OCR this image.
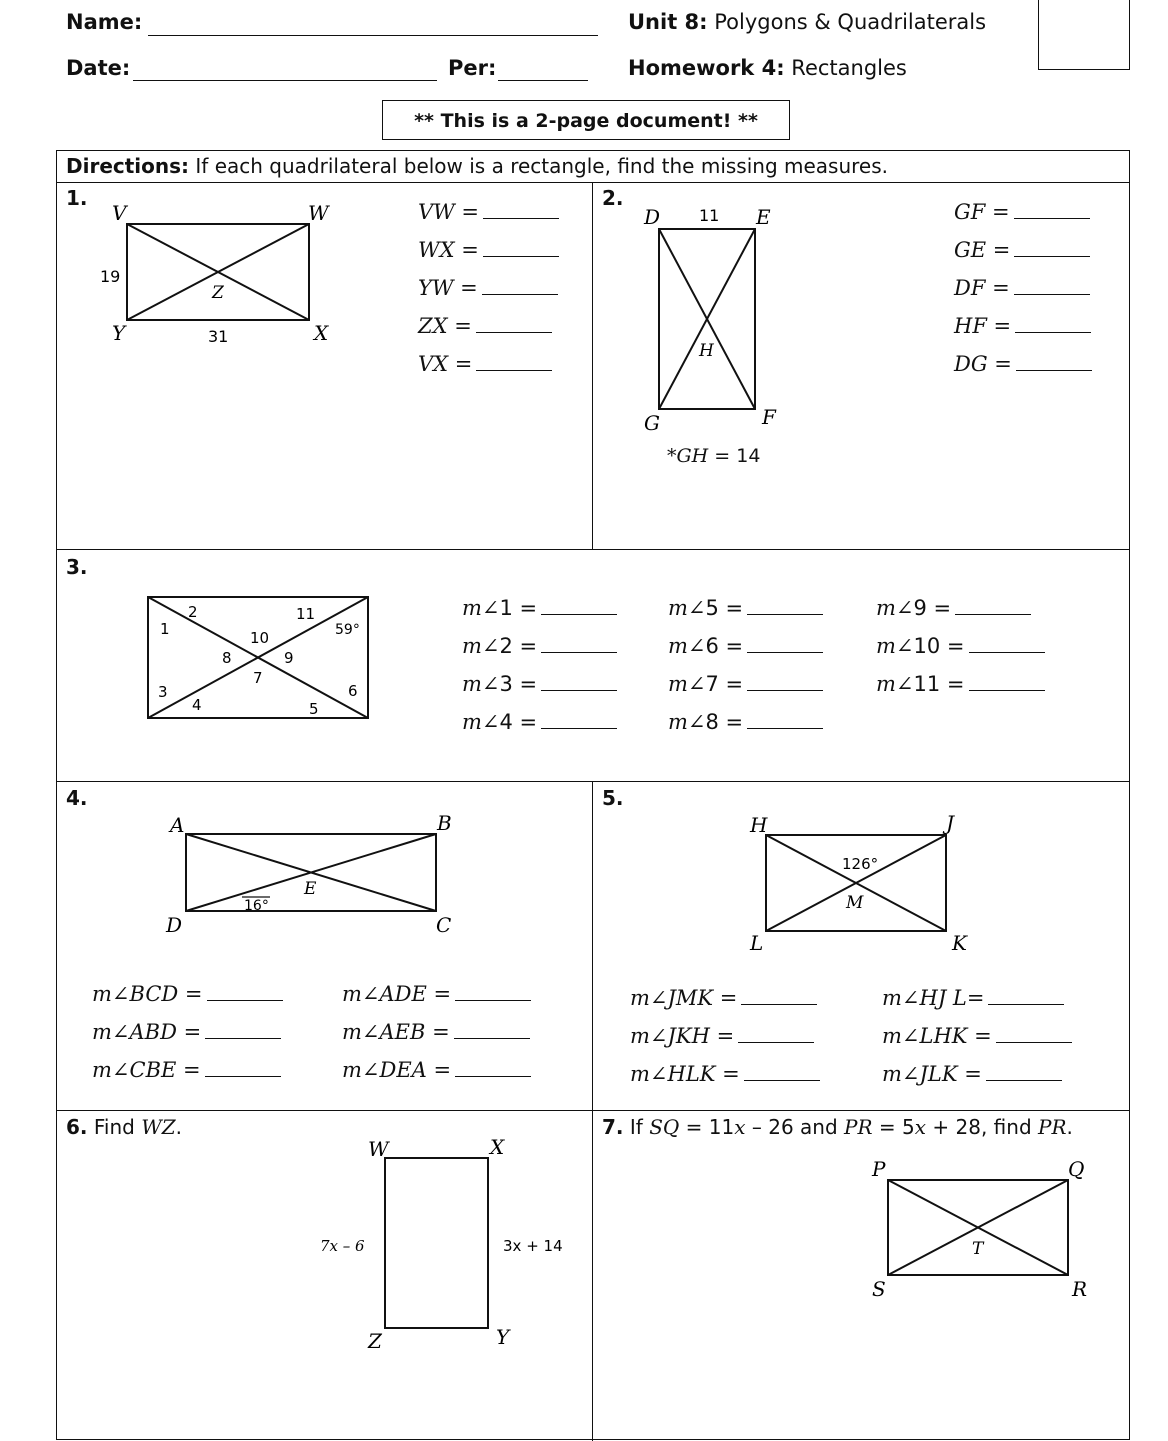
Name:
Date:	Per:
Unit 8: Polygons & Quadrilaterals
Homework 4: Rectangles
** This is a 2-page document! **
Directions: If each quadrilateral below is a rectangle, find the missing measures.
1.
V	W
X
Y
Z
19
31
VW =
WX =
YW =
ZX =
VX =
2.
D	E
F
G
H
11
*GH = 14
GF =
GE =
DF =
HF =
DG =
3.
1
2
3
4	5
6
7
8	9
10
11
59°
m∠1 =
m∠2 =
m∠3 =
m∠4 =
m∠5 =
m∠6 =
m∠7 =
m∠8 =
m∠9 =
m∠10 =
m∠11 =
4.
A	B
C
D
E
16°
m∠BCD =
m∠ABD =
m∠CBE =
m∠ADE =
m∠AEB =
m∠DEA =
5.
H	J
K
L
M
126°
m∠JMK =
m∠JKH =
m∠HLK =
m∠HJ L=
m∠LHK =
m∠JLK =
6. Find WZ.
W	X
Y
Z
7x – 6	3x + 14
7. If SQ = 11x – 26 and PR = 5x + 28, find PR.
P	Q
R
S
T
